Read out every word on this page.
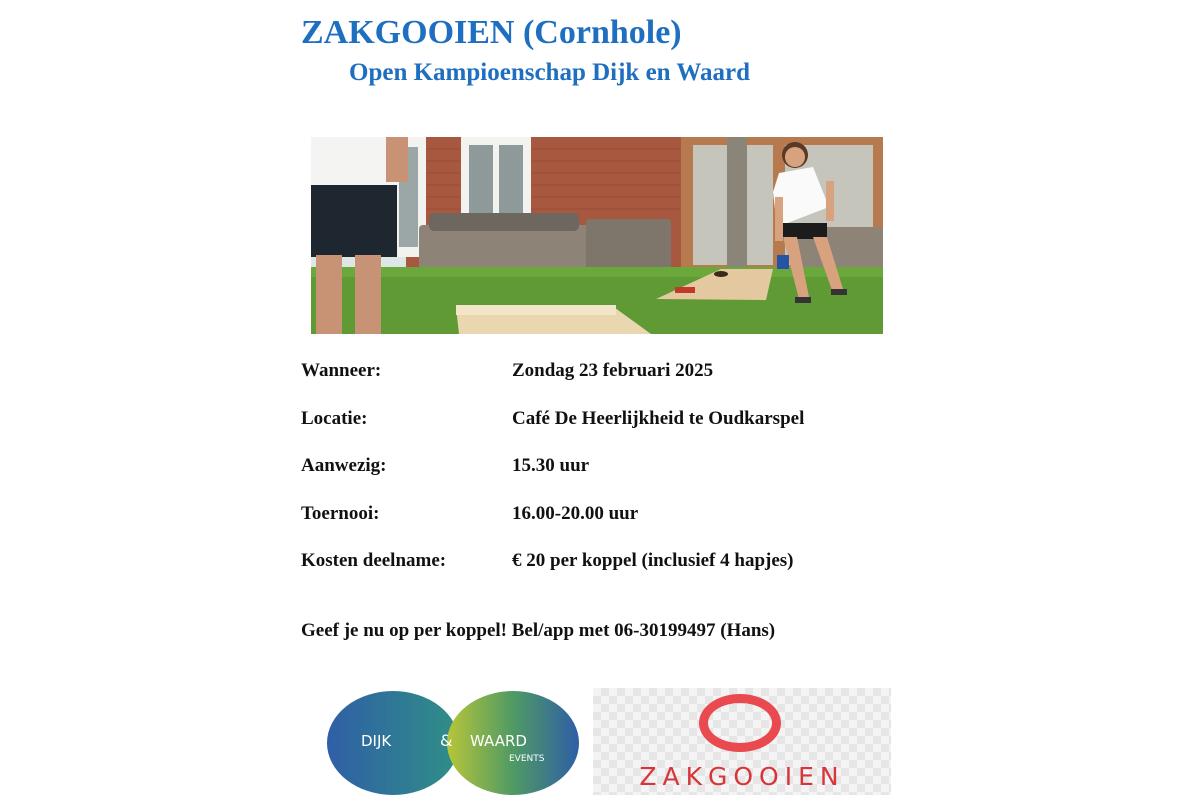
ZAKGOOIEN (Cornhole)
Open Kampioenschap Dijk en Waard
Wanneer:	Zondag 23 februari 2025
Locatie:	Café De Heerlijkheid te Oudkarspel
Aanwezig:	15.30 uur
Toernooi:	16.00-20.00 uur
Kosten deelname:	€ 20 per koppel (inclusief 4 hapjes)
Geef je nu op per koppel! Bel/app met 06-30199497 (Hans)
DIJK	& WAARD
EVENTS
ZAKGOOIEN
